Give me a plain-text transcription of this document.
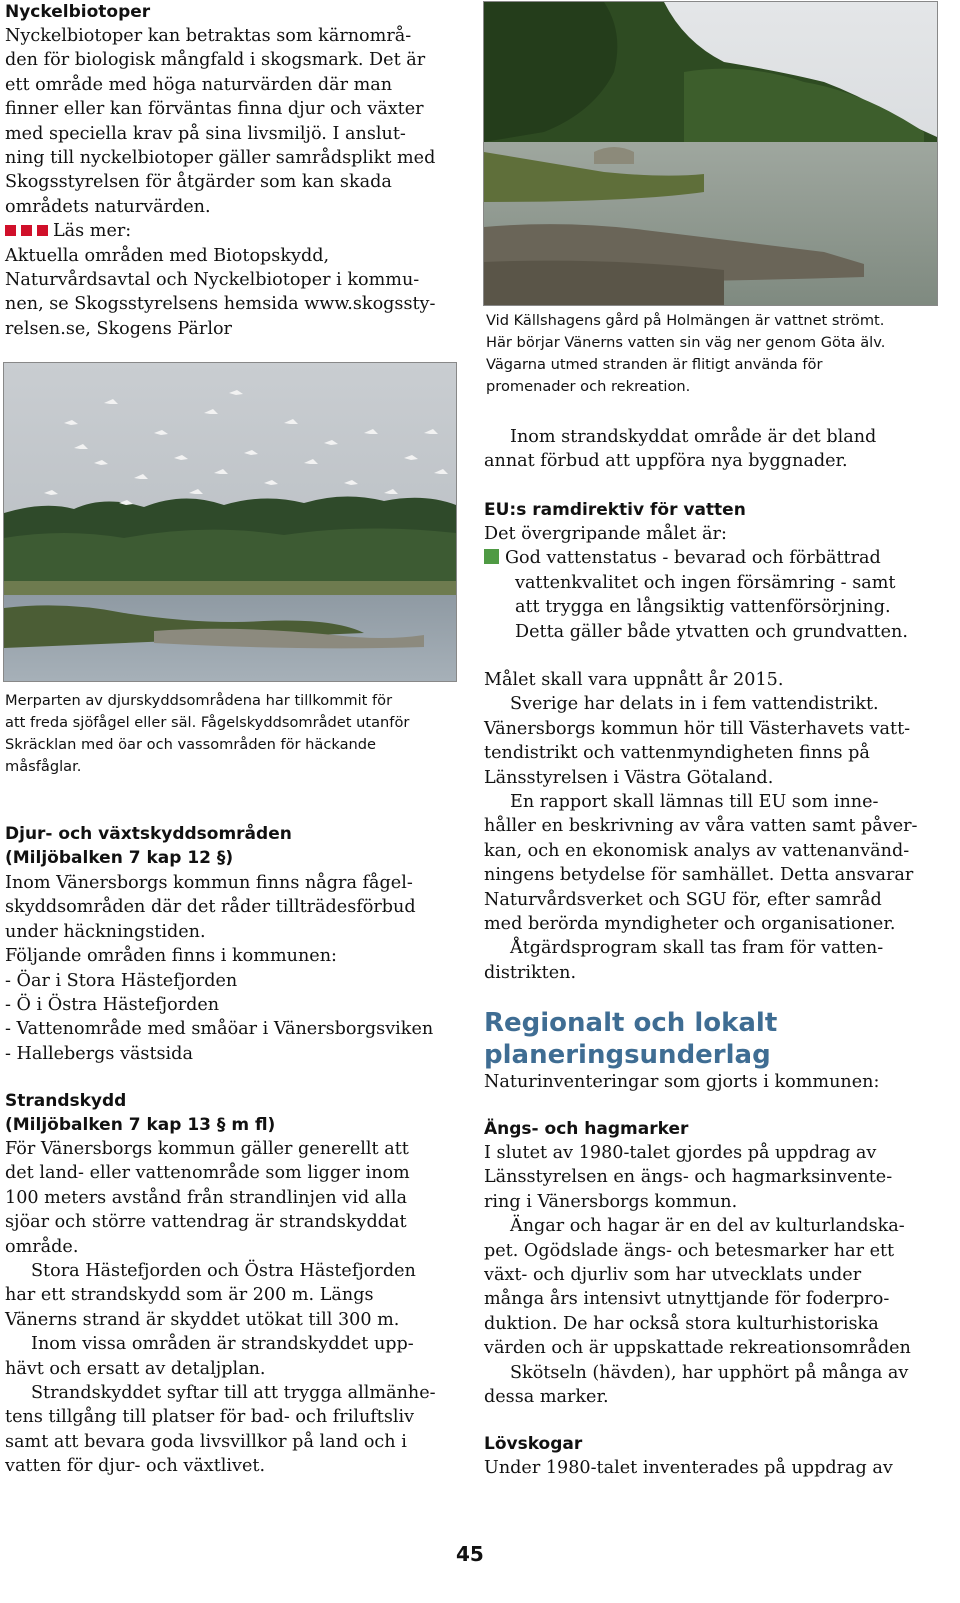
Nyckelbiotoper
Nyckelbiotoper kan betraktas som kärnområ-
den för biologisk mångfald i skogsmark. Det är
ett område med höga naturvärden där man
finner eller kan förväntas finna djur och växter
med speciella krav på sina livsmiljö. I anslut-
ning till nyckelbiotoper gäller samrådsplikt med
Skogsstyrelsen för åtgärder som kan skada
områdets naturvärden.
Läs mer:
Aktuella områden med Biotopskydd,
Naturvårdsavtal och Nyckelbiotoper i kommu-
nen, se Skogsstyrelsens hemsida www.skogssty-
relsen.se, Skogens Pärlor
Merparten av djurskyddsområdena har tillkommit för
att freda sjöfågel eller säl. Fågelskyddsområdet utanför
Skräcklan med öar och vassområden för häckande
måsfåglar.
Djur- och växtskyddsområden
(Miljöbalken 7 kap 12 §)
Inom Vänersborgs kommun finns några fågel-
skyddsområden där det råder tillträdesförbud
under häckningstiden.
Följande områden finns i kommunen:
- Öar i Stora Hästefjorden
- Ö i Östra Hästefjorden
- Vattenområde med småöar i Vänersborgsviken
- Hallebergs västsida
Strandskydd
(Miljöbalken 7 kap 13 § m fl)
För Vänersborgs kommun gäller generellt att
det land- eller vattenområde som ligger inom
100 meters avstånd från strandlinjen vid alla
sjöar och större vattendrag är strandskyddat
område.
Stora Hästefjorden och Östra Hästefjorden
har ett strandskydd som är 200 m. Längs
Vänerns strand är skyddet utökat till 300 m.
Inom vissa områden är strandskyddet upp-
hävt och ersatt av detaljplan.
Strandskyddet syftar till att trygga allmänhe-
tens tillgång till platser för bad- och friluftsliv
samt att bevara goda livsvillkor på land och i
vatten för djur- och växtlivet.
Vid Källshagens gård på Holmängen är vattnet strömt.
Här börjar Vänerns vatten sin väg ner genom Göta älv.
Vägarna utmed stranden är flitigt använda för
promenader och rekreation.
Inom strandskyddat område är det bland
annat förbud att uppföra nya byggnader.
EU:s ramdirektiv för vatten
Det övergripande målet är:
God vattenstatus - bevarad och förbättrad
vattenkvalitet och ingen försämring - samt
att trygga en långsiktig vattenförsörjning.
Detta gäller både ytvatten och grundvatten.
Målet skall vara uppnått år 2015.
Sverige har delats in i fem vattendistrikt.
Vänersborgs kommun hör till Västerhavets vatt-
tendistrikt och vattenmyndigheten finns på
Länsstyrelsen i Västra Götaland.
En rapport skall lämnas till EU som inne-
håller en beskrivning av våra vatten samt påver-
kan, och en ekonomisk analys av vattenanvänd-
ningens betydelse för samhället. Detta ansvarar
Naturvårdsverket och SGU för, efter samråd
med berörda myndigheter och organisationer.
Åtgärdsprogram skall tas fram för vatten-
distrikten.
Regionalt och lokalt
planeringsunderlag
Naturinventeringar som gjorts i kommunen:
Ängs- och hagmarker
I slutet av 1980-talet gjordes på uppdrag av
Länsstyrelsen en ängs- och hagmarksinvente-
ring i Vänersborgs kommun.
Ängar och hagar är en del av kulturlandska-
pet. Ogödslade ängs- och betesmarker har ett
växt- och djurliv som har utvecklats under
många års intensivt utnyttjande för foderpro-
duktion. De har också stora kulturhistoriska
värden och är uppskattade rekreationsområden
Skötseln (hävden), har upphört på många av
dessa marker.
Lövskogar
Under 1980-talet inventerades på uppdrag av
45
